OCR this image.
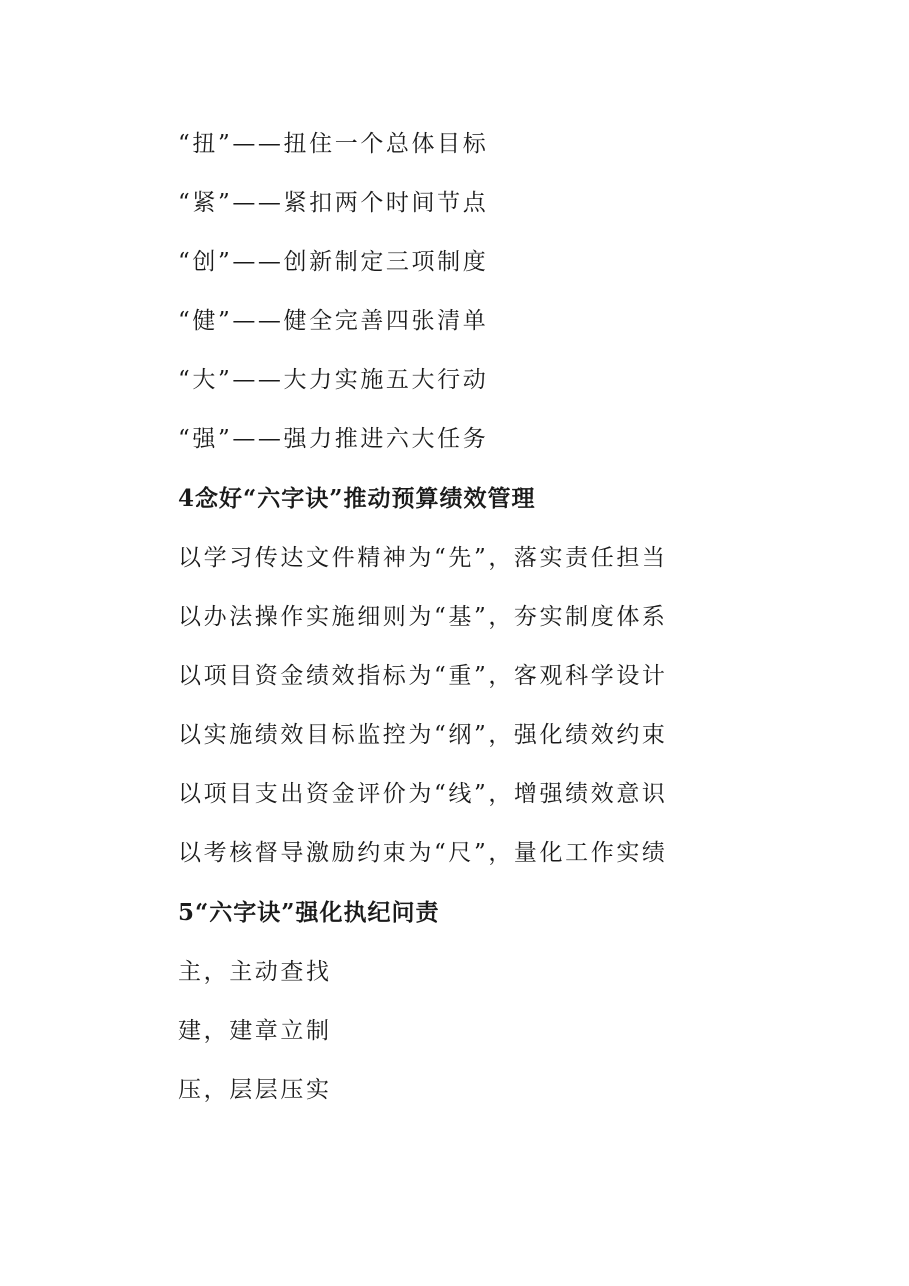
“扭”——扭住一个总体目标
“紧”——紧扣两个时间节点
“创”——创新制定三项制度
“健”——健全完善四张清单
“大”——大力实施五大行动
“强”——强力推进六大任务
4念好“六字诀”推动预算绩效管理
以学习传达文件精神为“先”，落实责任担当
以办法操作实施细则为“基”，夯实制度体系
以项目资金绩效指标为“重”，客观科学设计
以实施绩效目标监控为“纲”，强化绩效约束
以项目支出资金评价为“线”，增强绩效意识
以考核督导激励约束为“尺”，量化工作实绩
5“六字诀”强化执纪问责
主，主动查找
建，建章立制
压，层层压实
